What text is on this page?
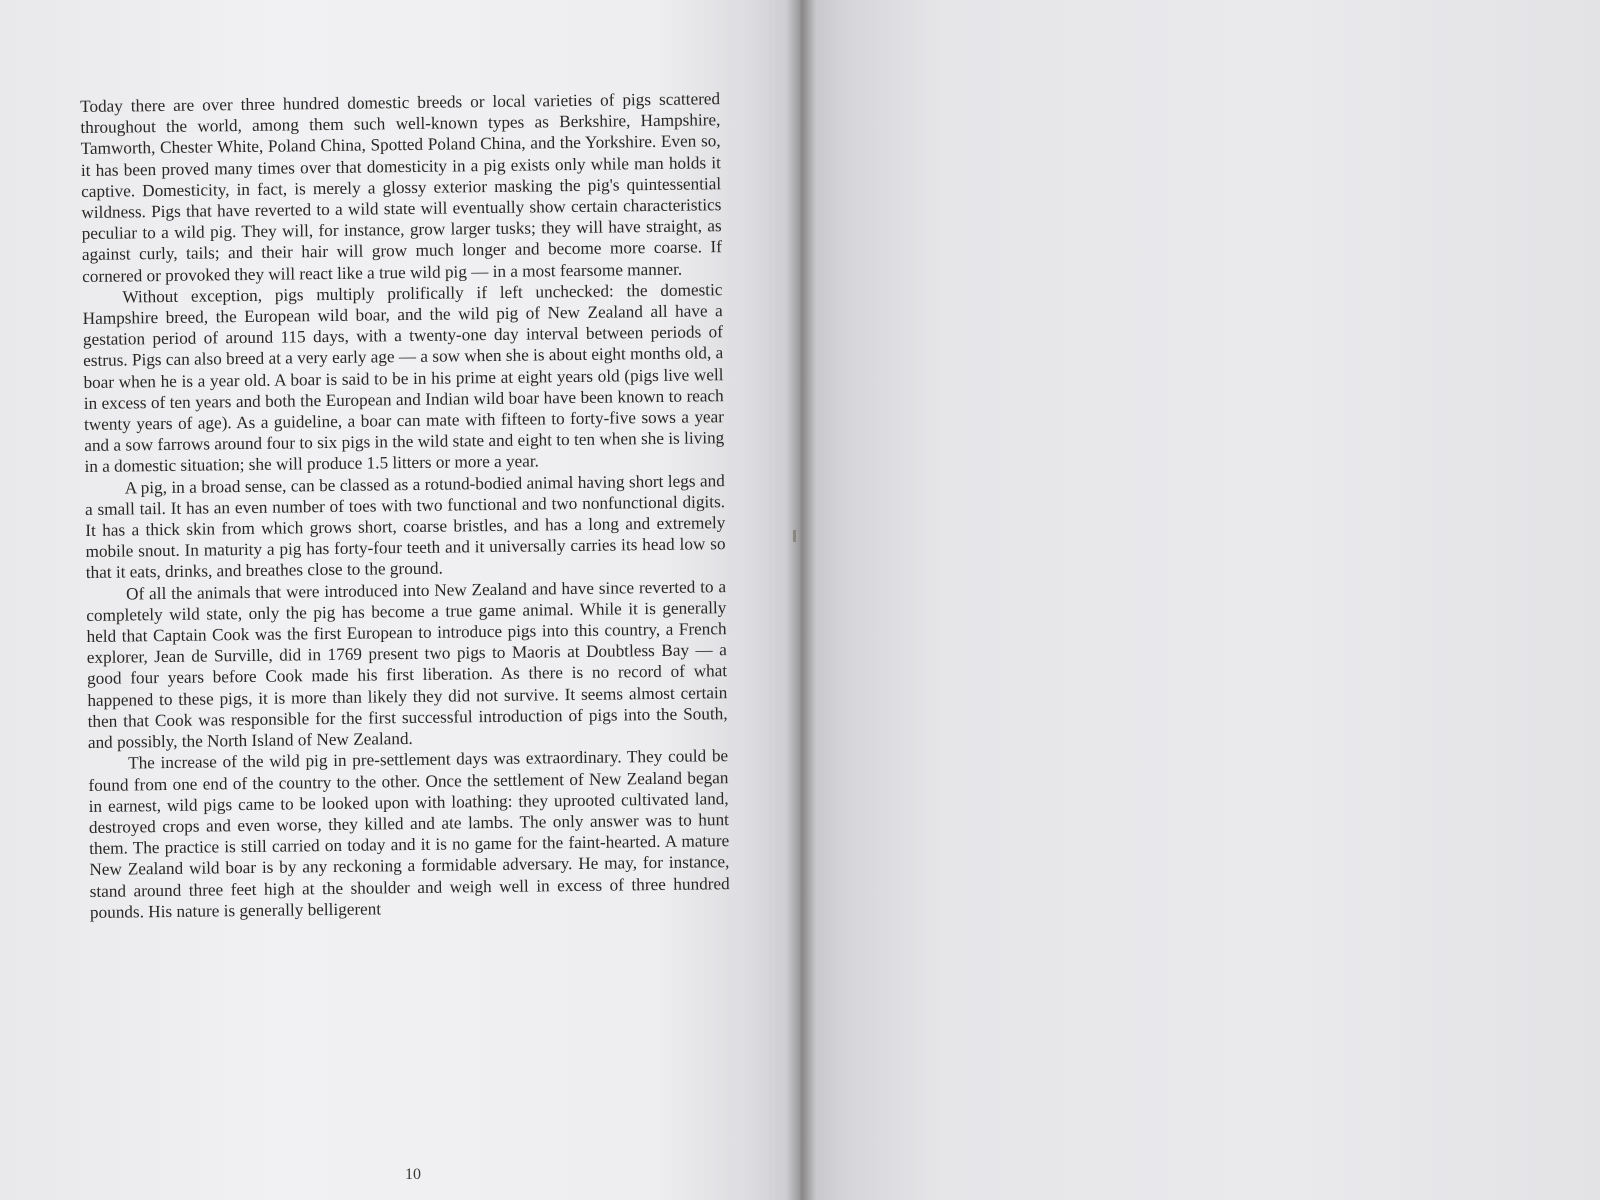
Today there are over three hundred domestic breeds or local varieties of pigs scattered throughout the world, among them such well-known types as Berkshire, Hampshire, Tamworth, Chester White, Poland China, Spotted Poland China, and the Yorkshire. Even so, it has been proved many times over that domesticity in a pig exists only while man holds it captive. Domesticity, in fact, is merely a glossy exterior masking the pig's quintessential wildness. Pigs that have reverted to a wild state will eventually show certain characteristics peculiar to a wild pig. They will, for instance, grow larger tusks; they will have straight, as against curly, tails; and their hair will grow much longer and become more coarse. If cornered or provoked they will react like a true wild pig — in a most fearsome manner.

Without exception, pigs multiply prolifically if left unchecked: the domestic Hampshire breed, the European wild boar, and the wild pig of New Zealand all have a gestation period of around 115 days, with a twenty-one day interval between periods of estrus. Pigs can also breed at a very early age — a sow when she is about eight months old, a boar when he is a year old. A boar is said to be in his prime at eight years old (pigs live well in excess of ten years and both the European and Indian wild boar have been known to reach twenty years of age). As a guideline, a boar can mate with fifteen to forty-five sows a year and a sow farrows around four to six pigs in the wild state and eight to ten when she is living in a domestic situation; she will produce 1.5 litters or more a year.

A pig, in a broad sense, can be classed as a rotund-bodied animal having short legs and a small tail. It has an even number of toes with two functional and two nonfunctional digits. It has a thick skin from which grows short, coarse bristles, and has a long and extremely mobile snout. In maturity a pig has forty-four teeth and it universally carries its head low so that it eats, drinks, and breathes close to the ground.

Of all the animals that were introduced into New Zealand and have since reverted to a completely wild state, only the pig has become a true game animal. While it is generally held that Captain Cook was the first European to introduce pigs into this country, a French explorer, Jean de Surville, did in 1769 present two pigs to Maoris at Doubtless Bay — a good four years before Cook made his first liberation. As there is no record of what happened to these pigs, it is more than likely they did not survive. It seems almost certain then that Cook was responsible for the first successful introduction of pigs into the South, and possibly, the North Island of New Zealand.

The increase of the wild pig in pre-settlement days was extraordinary. They could be found from one end of the country to the other. Once the settlement of New Zealand began in earnest, wild pigs came to be looked upon with loathing: they uprooted cultivated land, destroyed crops and even worse, they killed and ate lambs. The only answer was to hunt them. The practice is still carried on today and it is no game for the faint-hearted. A mature New Zealand wild boar is by any reckoning a formidable adversary. He may, for instance, stand around three feet high at the shoulder and weigh well in excess of three hundred pounds. His nature is generally belligerent

10
